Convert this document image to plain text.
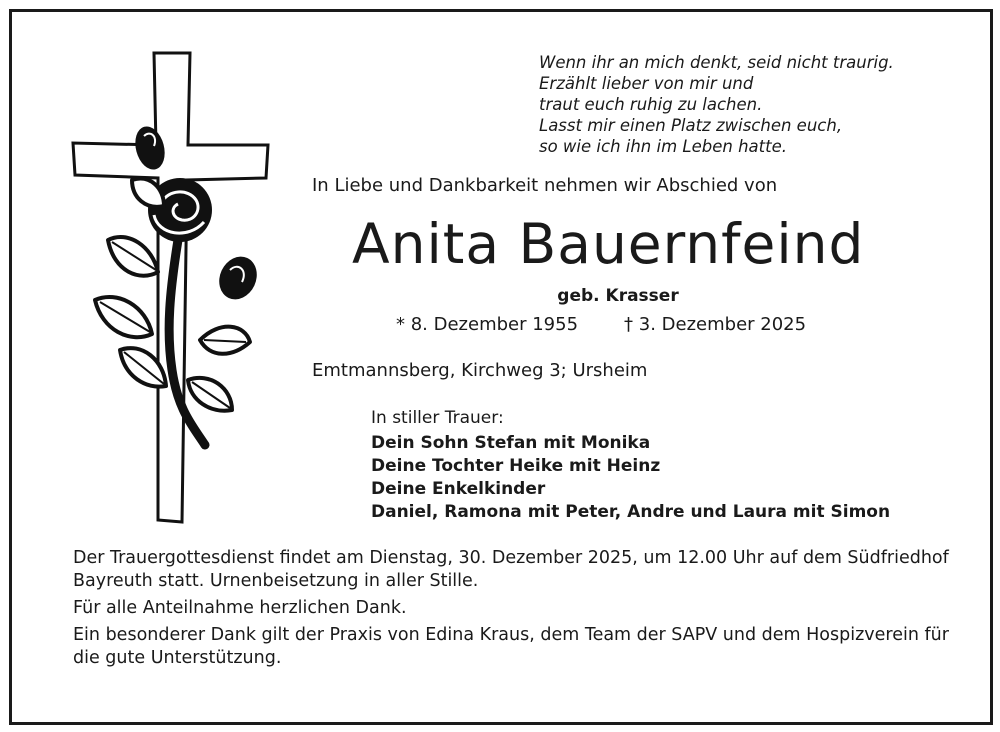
Wenn ihr an mich denkt, seid nicht traurig.
Erzählt lieber von mir und
traut euch ruhig zu lachen.
Lasst mir einen Platz zwischen euch,
so wie ich ihn im Leben hatte.
In Liebe und Dankbarkeit nehmen wir Abschied von
Anita Bauernfeind
geb. Krasser
* 8. Dezember 1955	† 3. Dezember 2025
Emtmannsberg, Kirchweg 3; Ursheim
In stiller Trauer:
Dein Sohn Stefan mit Monika
Deine Tochter Heike mit Heinz
Deine Enkelkinder
Daniel, Ramona mit Peter, Andre und Laura mit Simon

Der Trauergottesdienst findet am Dienstag, 30. Dezember 2025, um 12.00 Uhr auf dem Südfriedhof Bayreuth statt. Urnenbeisetzung in aller Stille.

Für alle Anteilnahme herzlichen Dank.

Ein besonderer Dank gilt der Praxis von Edina Kraus, dem Team der SAPV und dem Hospizverein für die gute Unterstützung.
